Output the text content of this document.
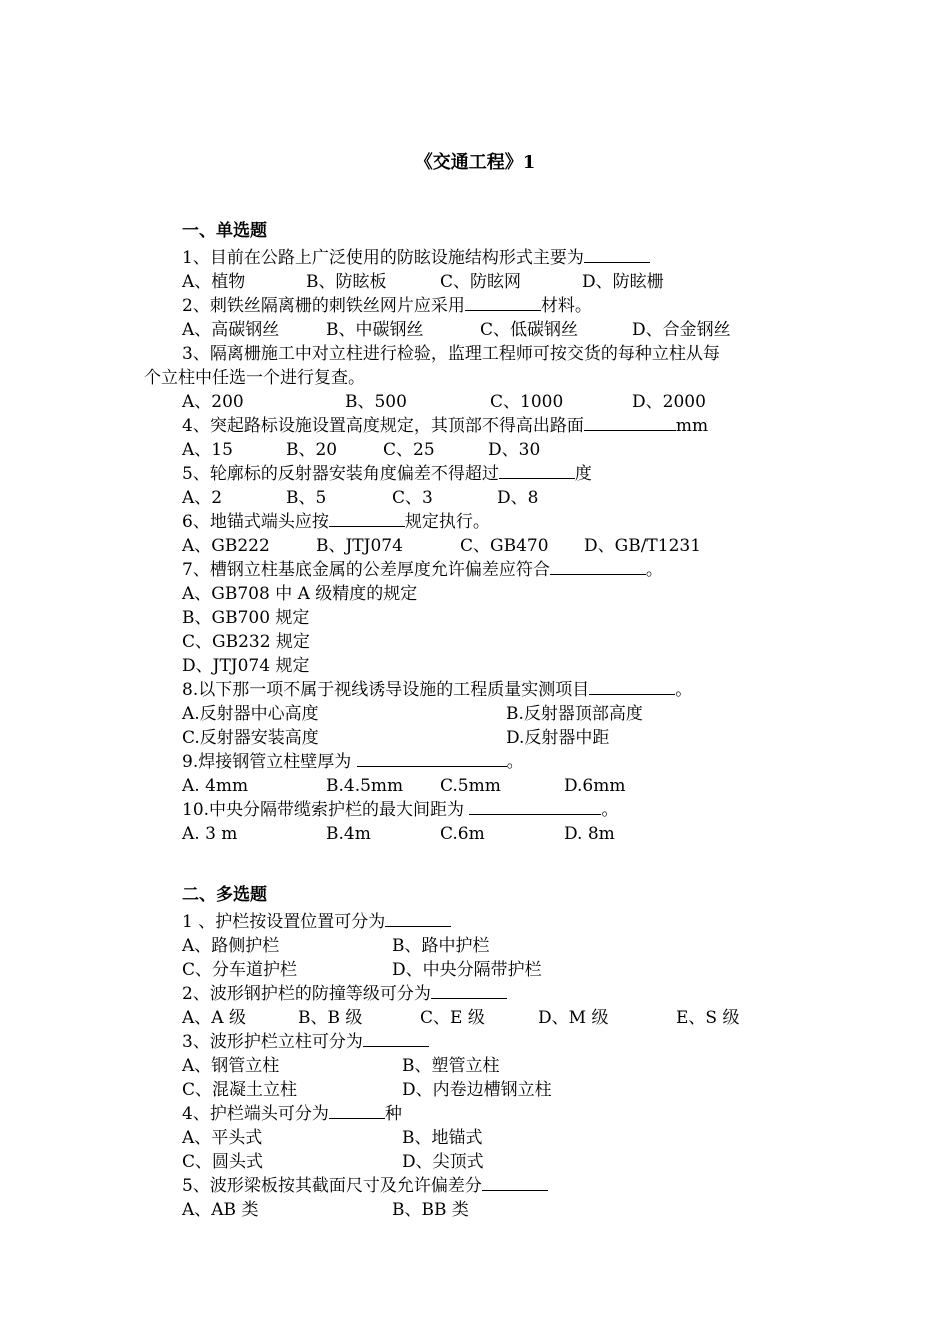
《交通工程》1
一、单选题
1、目前在公路上广泛使用的防眩设施结构形式主要为
A、植物	B、防眩板	C、防眩网	D、防眩栅
2、刺铁丝隔离栅的刺铁丝网片应采用	材料。
A、高碳钢丝	B、中碳钢丝	C、低碳钢丝	D、合金钢丝
3、隔离栅施工中对立柱进行检验，监理工程师可按交货的每种立柱从每
个立柱中任选一个进行复查。
A、200	B、500	C、1000	D、2000
4、突起路标设施设置高度规定，其顶部不得高出路面	mm
A、15	B、20	C、25	D、30
5、轮廓标的反射器安装角度偏差不得超过	度
A、2	B、5	C、3	D、8
6、地锚式端头应按	规定执行。
A、GB222	B、JTJ074	C、GB470 D、GB/T1231
7、槽钢立柱基底金属的公差厚度允许偏差应符合	。
A、GB708 中 A 级精度的规定
B、GB700 规定
C、GB232 规定
D、JTJ074 规定
8.以下那一项不属于视线诱导设施的工程质量实测项目	。
A.反射器中心高度	B.反射器顶部高度
C.反射器安装高度	D.反射器中距
9.焊接钢管立柱壁厚为	。
A. 4mm	B.4.5mm C.5mm	D.6mm
10.中央分隔带缆索护栏的最大间距为	。
A. 3 m	B.4m	C.6m	D. 8m
二、多选题
1 、护栏按设置位置可分为
A、路侧护栏	B、路中护栏
C、分车道护栏	D、中央分隔带护栏
2、波形钢护栏的防撞等级可分为
A、A 级	B、B 级	C、E 级	D、M 级	E、S 级
3、波形护栏立柱可分为
A、钢管立柱	B、塑管立柱
C、混凝土立柱	D、内卷边槽钢立柱
4、护栏端头可分为	种
A、平头式	B、地锚式
C、圆头式	D、尖顶式
5、波形梁板按其截面尺寸及允许偏差分
A、AB 类	B、BB 类
